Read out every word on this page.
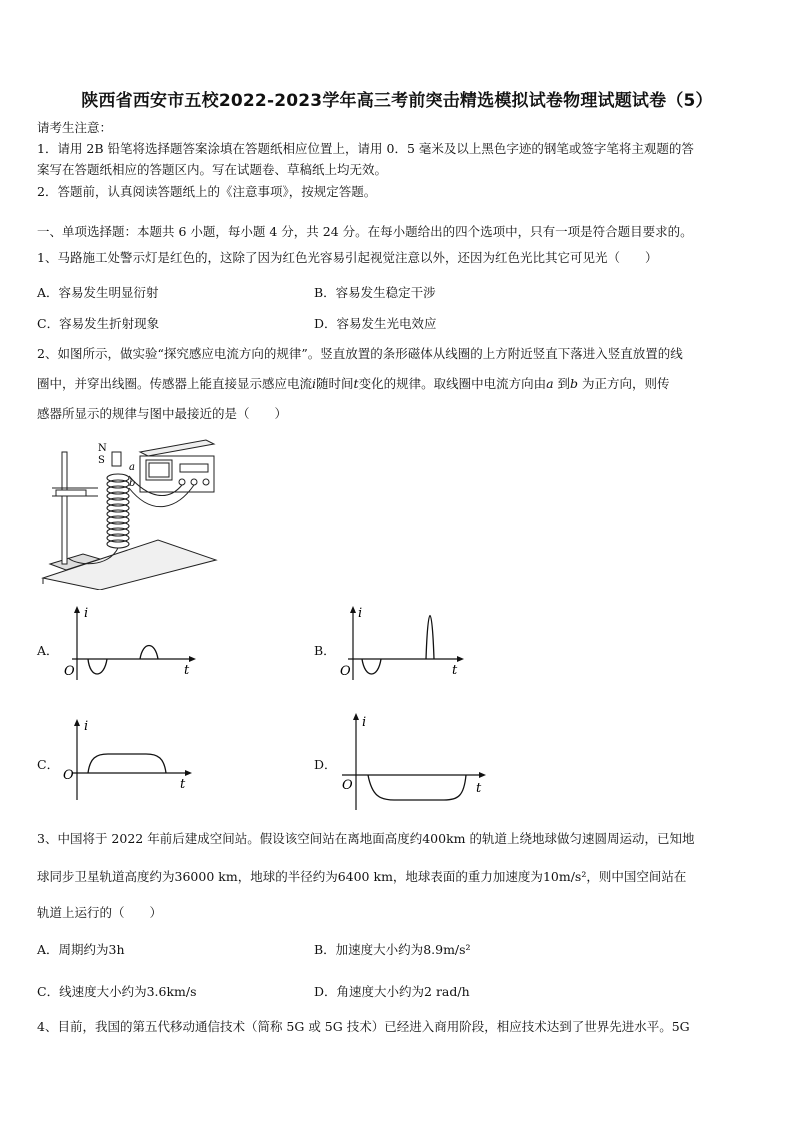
陕西省西安市五校2022-2023学年高三考前突击精选模拟试卷物理试题试卷（5）
请考生注意：
1．请用 2B 铅笔将选择题答案涂填在答题纸相应位置上，请用 0．5 毫米及以上黑色字迹的钢笔或签字笔将主观题的答
案写在答题纸相应的答题区内。写在试题卷、草稿纸上均无效。
2．答题前，认真阅读答题纸上的《注意事项》，按规定答题。
一、单项选择题：本题共 6 小题，每小题 4 分，共 24 分。在每小题给出的四个选项中，只有一项是符合题目要求的。
1、马路施工处警示灯是红色的，这除了因为红色光容易引起视觉注意以外，还因为红色光比其它可见光（　　）
A．容易发生明显衍射	B．容易发生稳定干涉
C．容易发生折射现象	D．容易发生光电效应
2、如图所示，做实验“探究感应电流方向的规律”。竖直放置的条形磁体从线圈的上方附近竖直下落进入竖直放置的线
圈中，并穿出线圈。传感器上能直接显示感应电流i随时间t变化的规律。取线圈中电流方向由a 到b 为正方向，则传
感器所显示的规律与图中最接近的是（　　）
N
S
a
b
A．
i
t
O
B．
i
t
O
C．
i
t
O
D．
i
t
O
3、中国将于 2022 年前后建成空间站。假设该空间站在离地面高度约400km 的轨道上绕地球做匀速圆周运动，已知地
球同步卫星轨道高度约为36000 km，地球的半径约为6400 km，地球表面的重力加速度为10m/s²，则中国空间站在
轨道上运行的（　　）
A．周期约为3h	B．加速度大小约为8.9m/s²
C．线速度大小约为3.6km/s	D．角速度大小约为2 rad/h
4、目前，我国的第五代移动通信技术（简称 5G 或 5G 技术）已经进入商用阶段，相应技术达到了世界先进水平。5G
